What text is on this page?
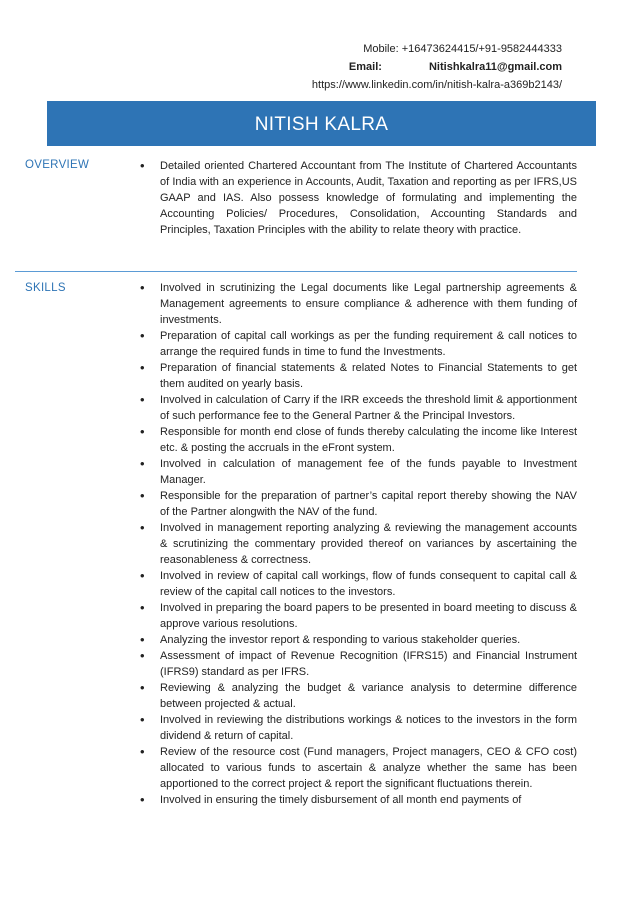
Mobile: +16473624415/+91-9582444333
Email:	Nitishkalra11@gmail.com
https://www.linkedin.com/in/nitish-kalra-a369b2143/
NITISH KALRA
OVERVIEW	• Detailed oriented Chartered Accountant from The Institute of Chartered Accountants of India with an experience in Accounts, Audit, Taxation and reporting as per IFRS,US GAAP and IAS. Also possess knowledge of formulating and implementing the Accounting Policies/ Procedures, Consolidation, Accounting Standards and Principles, Taxation Principles with the ability to relate theory with practice.
SKILLS	• Involved in scrutinizing the Legal documents like Legal partnership agreements & Management agreements to ensure compliance & adherence with them funding of investments.
• Preparation of capital call workings as per the funding requirement & call notices to arrange the required funds in time to fund the Investments.
• Preparation of financial statements & related Notes to Financial Statements to get them audited on yearly basis.
• Involved in calculation of Carry if the IRR exceeds the threshold limit & apportionment of such performance fee to the General Partner & the Principal Investors.
• Responsible for month end close of funds thereby calculating the income like Interest etc. & posting the accruals in the eFront system.
• Involved in calculation of management fee of the funds payable to Investment Manager.
• Responsible for the preparation of partner’s capital report thereby showing the NAV of the Partner alongwith the NAV of the fund.
• Involved in management reporting analyzing & reviewing the management accounts & scrutinizing the commentary provided thereof on variances by ascertaining the reasonableness & correctness.
• Involved in review of capital call workings, flow of funds consequent to capital call & review of the capital call notices to the investors.
• Involved in preparing the board papers to be presented in board meeting to discuss & approve various resolutions.
• Analyzing the investor report & responding to various stakeholder queries.
• Assessment of impact of Revenue Recognition (IFRS15) and Financial Instrument (IFRS9) standard as per IFRS.
• Reviewing & analyzing the budget & variance analysis to determine difference between projected & actual.
• Involved in reviewing the distributions workings & notices to the investors in the form dividend & return of capital.
• Review of the resource cost (Fund managers, Project managers, CEO & CFO cost) allocated to various funds to ascertain & analyze whether the same has been apportioned to the correct project & report the significant fluctuations therein.
• Involved in ensuring the timely disbursement of all month end payments of
